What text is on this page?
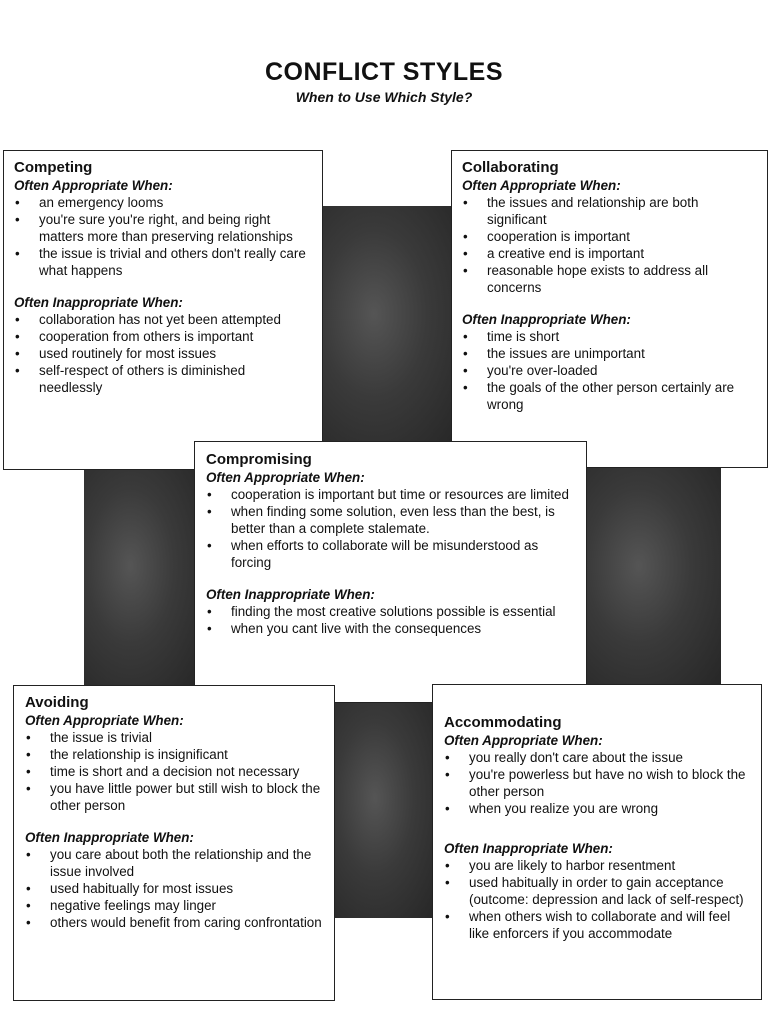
CONFLICT STYLES
When to Use Which Style?
Competing
Often Appropriate When:
• an emergency looms
• you're sure you're right, and being right matters more than preserving relationships
• the issue is trivial and others don't really care what happens
Often Inappropriate When:
• collaboration has not yet been attempted
• cooperation from others is important
• used routinely for most issues
• self-respect of others is diminished needlessly
Collaborating
Often Appropriate When:
• the issues and relationship are both significant
• cooperation is important
• a creative end is important
• reasonable hope exists to address all concerns
Often Inappropriate When:
• time is short
• the issues are unimportant
• you're over-loaded
• the goals of the other person certainly are wrong
Compromising
Often Appropriate When:
• cooperation is important but time or resources are limited
• when finding some solution, even less than the best, is better than a complete stalemate.
• when efforts to collaborate will be misunderstood as forcing
Often Inappropriate When:
• finding the most creative solutions possible is essential
• when you cant live with the consequences
Avoiding
Often Appropriate When:
• the issue is trivial
• the relationship is insignificant
• time is short and a decision not necessary
• you have little power but still wish to block the other person
Often Inappropriate When:
• you care about both the relationship and the issue involved
• used habitually for most issues
• negative feelings may linger
• others would benefit from caring confrontation
Accommodating
Often Appropriate When:
• you really don't care about the issue
• you're powerless but have no wish to block the other person
• when you realize you are wrong
Often Inappropriate When:
• you are likely to harbor resentment
• used habitually in order to gain acceptance (outcome: depression and lack of self-respect)
• when others wish to collaborate and will feel like enforcers if you accommodate
